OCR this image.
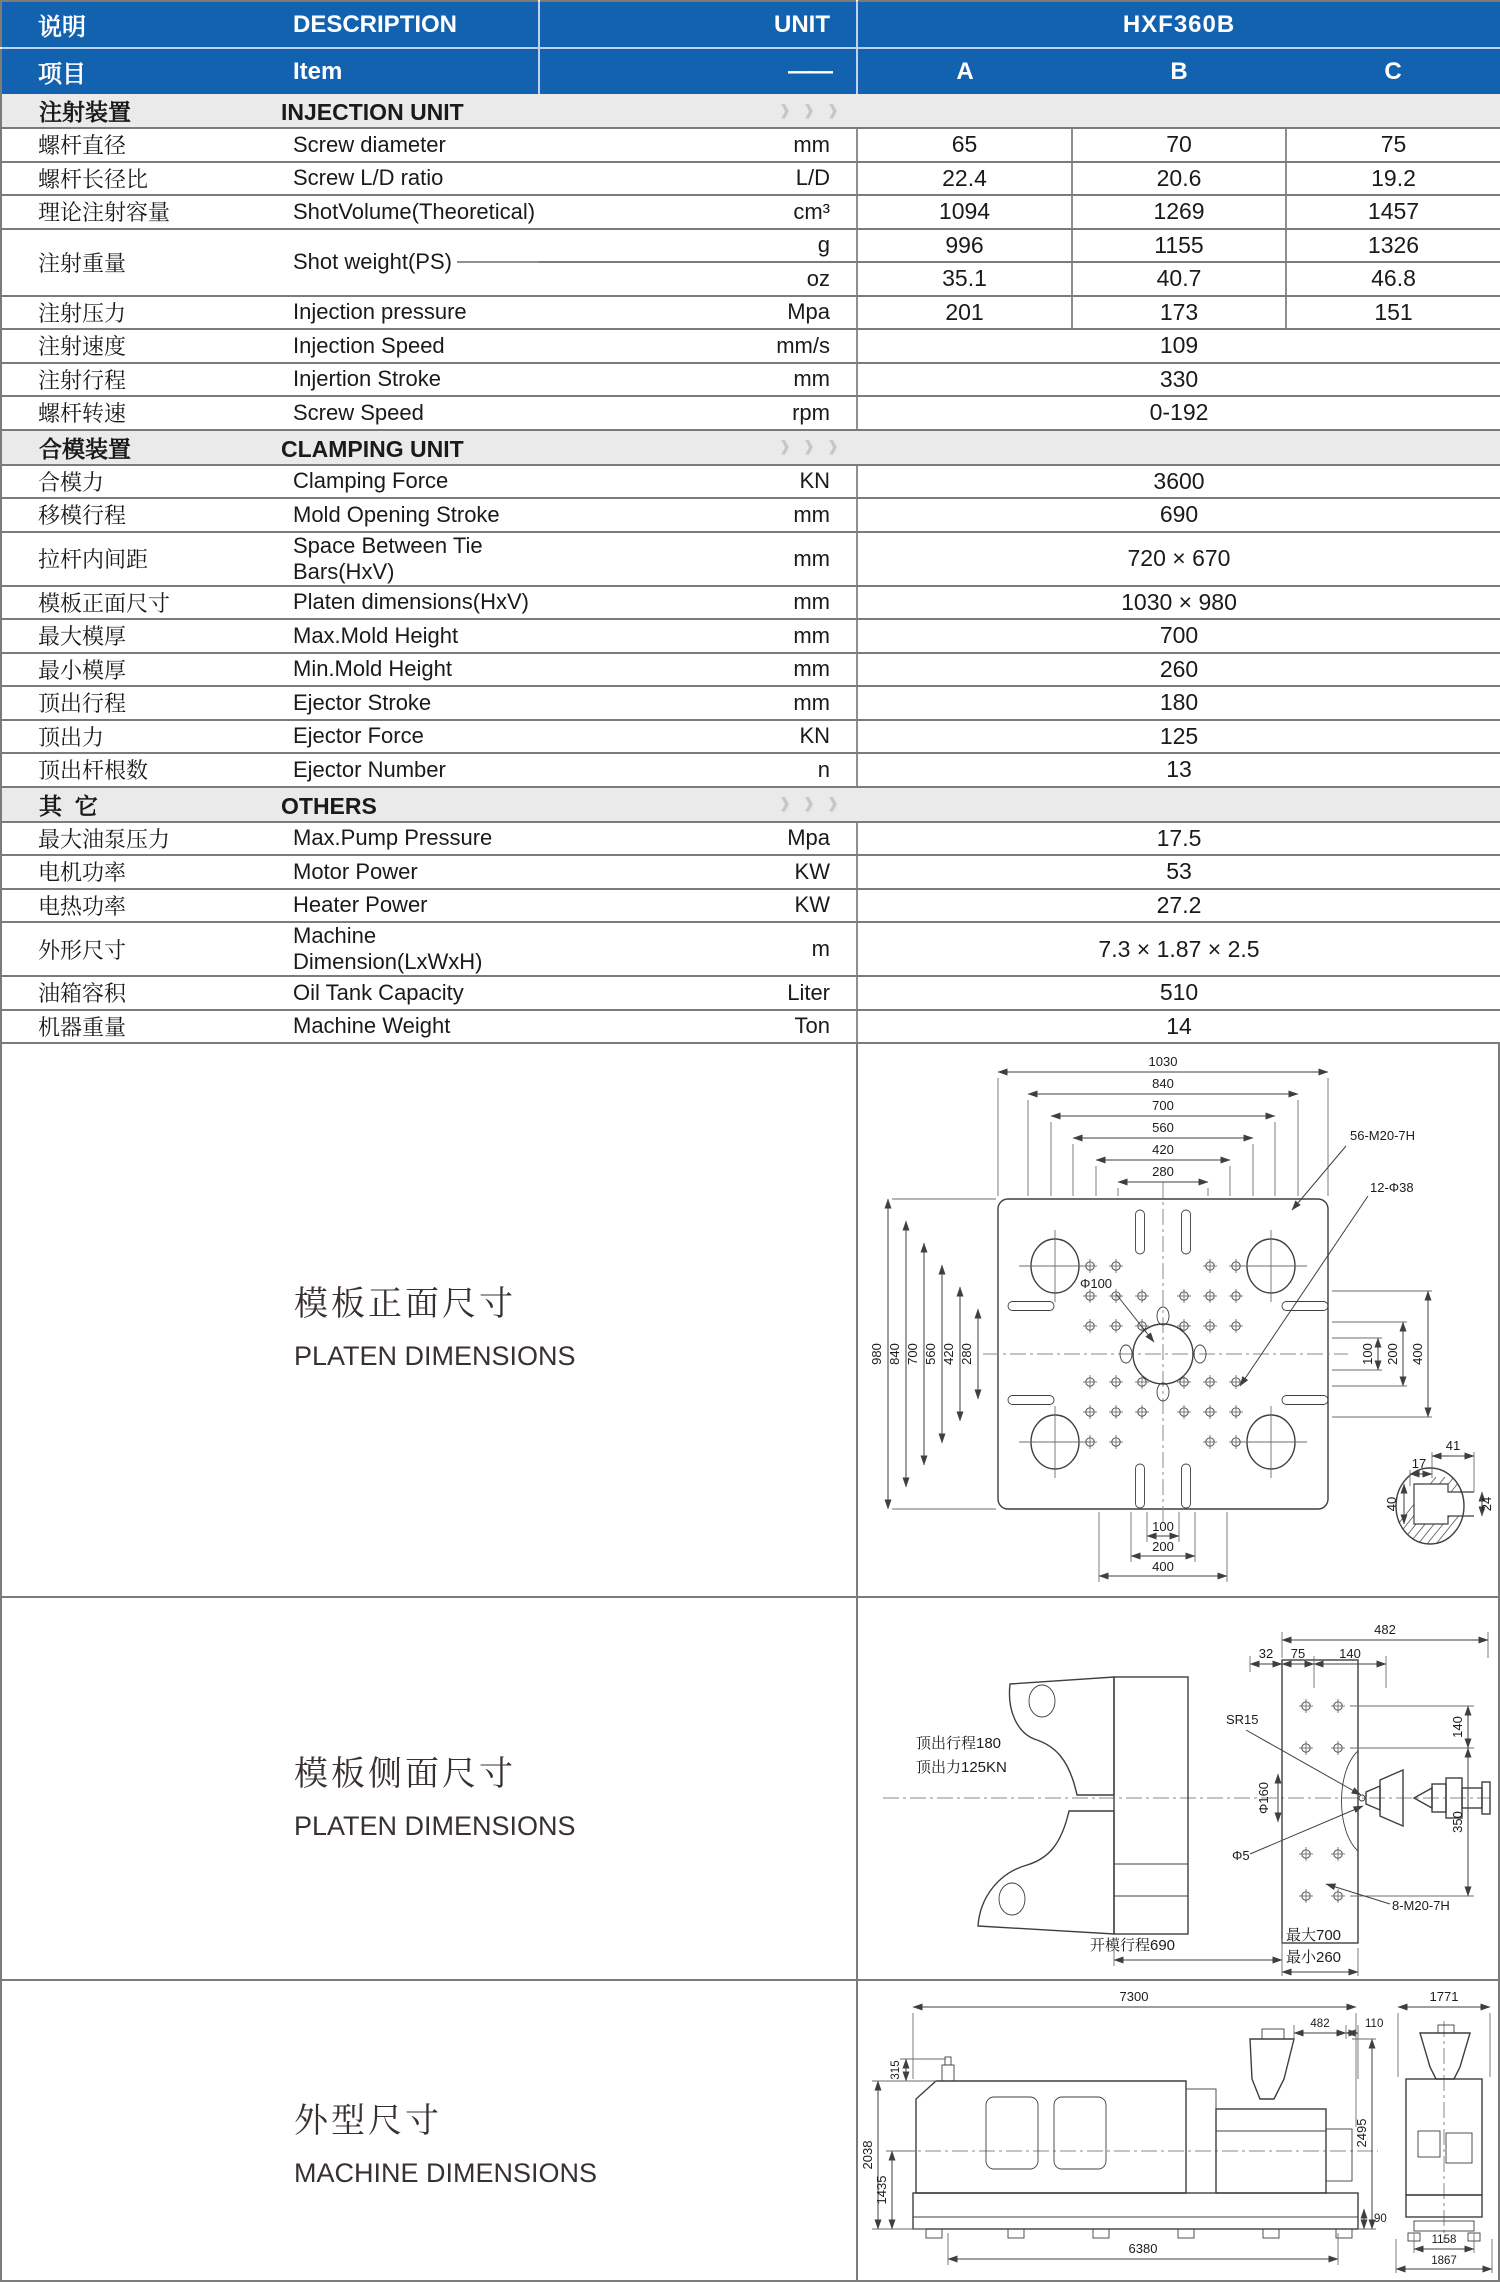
说明	DESCRIPTION	UNIT	HXF360B		
项目	Item	——	A	B	C
注射装置 INJECTION UNIT ›››					

螺杆直径	Screw diameter	mm	65	70	75
螺杆长径比	Screw L/D ratio	L/D	22.4	20.6	19.2
理论注射容量	ShotVolume(Theoretical)	cm³	1094	1269	1457
注射重量	Shot weight(PS)	g	996	1155	1326
		oz	35.1	40.7	46.8
注射压力	Injection pressure	Mpa	201	173	151
注射速度	Injection Speed	mm/s	109		
注射行程	Injertion Stroke	mm	330		
螺杆转速	Screw Speed	rpm	0-192		
合模装置 CLAMPING UNIT ›››					

合模力	Clamping Force	KN	3600		
移模行程	Mold Opening Stroke	mm	690		
拉杆内间距	Space Between Tie Bars(HxV)	mm	720 × 670		
模板正面尺寸	Platen dimensions(HxV)	mm	1030 × 980		
最大模厚	Max.Mold Height	mm	700		
最小模厚	Min.Mold Height	mm	260		
顶出行程	Ejector Stroke	mm	180		
顶出力	Ejector Force	KN	125		
顶出杆根数	Ejector Number	n	13		
其  它 OTHERS ›››					

最大油泵压力	Max.Pump Pressure	Mpa	17.5		
电机功率	Motor Power	KW	53		
电热功率	Heater Power	KW	27.2		
外形尺寸	Machine Dimension(LxWxH)	m	7.3 × 1.87 × 2.5		
油箱容积	Oil Tank Capacity	Liter	510		
机器重量	Machine Weight	Ton	14		
模板正面尺寸
PLATEN DIMENSIONS
1030
840
700
560
420
280
980 840 700 560 420 280	100 200 400
100
200
400
56-M20-7H
12-Φ38
Φ100
41
17
40	24
模板侧面尺寸
PLATEN DIMENSIONS
482
32 75	140
140
350
SR15
Φ160
Φ5
顶出行程180
顶出力125KN
8-M20-7H
开模行程690
最大700
最小260
外型尺寸
MACHINE DIMENSIONS
7300	1771
315
2038
1435
482	110
2495
90
6380
1158
1867
